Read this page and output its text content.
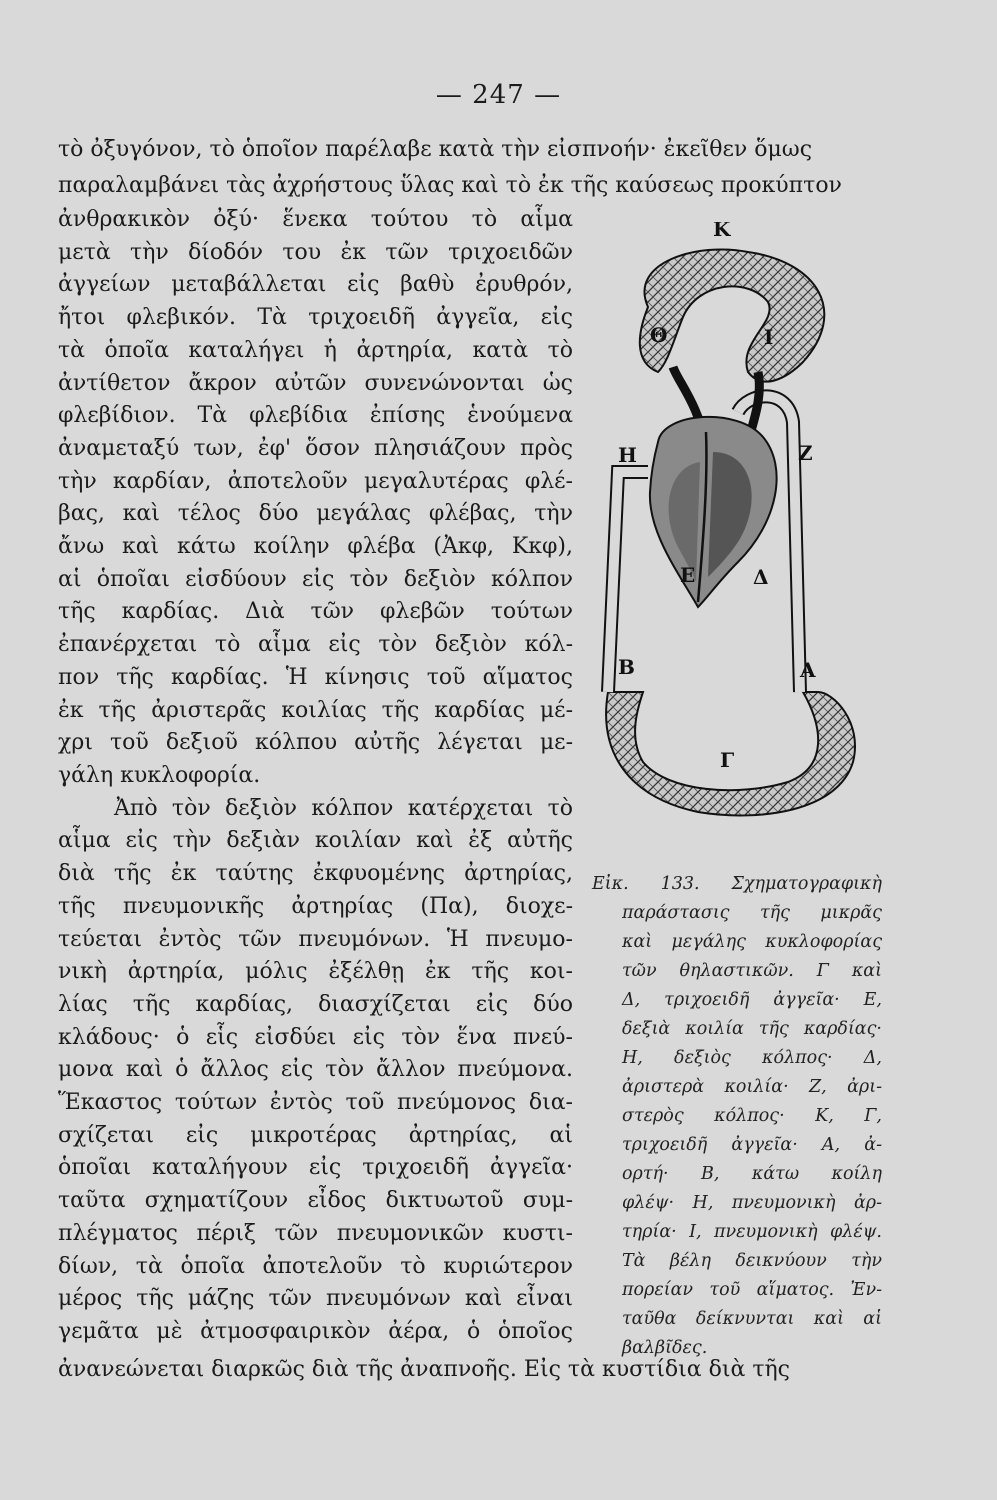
— 247 —
τὸ ὀξυγόνον, τὸ ὁποῖον παρέλαβε κατὰ τὴν εἰσπνοήν· ἐκεῖθεν ὅμως
παραλαμβάνει τὰς ἀχρήστους ὕλας καὶ τὸ ἐκ τῆς καύσεως προκύπτον
ἀνθρακικὸν ὀξύ· ἕνεκα τούτου τὸ αἷμα
μετὰ τὴν δίοδόν του ἐκ τῶν τριχοειδῶν
ἀγγείων μεταβάλλεται εἰς βαθὺ ἐρυθρόν,
ἤτοι φλεβικόν. Τὰ τριχοειδῆ ἀγγεῖα, εἰς
τὰ ὁποῖα καταλήγει ἡ ἀρτηρία, κατὰ τὸ
ἀντίθετον ἄκρον αὐτῶν συνενώνονται ὡς
φλεβίδιον. Τὰ φλεβίδια ἐπίσης ἑνούμενα
ἀναμεταξύ των, ἐφ' ὅσον πλησιάζουν πρὸς
τὴν καρδίαν, ἀποτελοῦν μεγαλυτέρας φλέ-
βας, καὶ τέλος δύο μεγάλας φλέβας, τὴν
ἄνω καὶ κάτω κοίλην φλέβα (Ἀκφ, Κκφ),
αἱ ὁποῖαι εἰσδύουν εἰς τὸν δεξιὸν κόλπον
τῆς καρδίας. Διὰ τῶν φλεβῶν τούτων
ἐπανέρχεται τὸ αἷμα εἰς τὸν δεξιὸν κόλ-
πον τῆς καρδίας. Ἡ κίνησις τοῦ αἵματος
ἐκ τῆς ἀριστερᾶς κοιλίας τῆς καρδίας μέ-
χρι τοῦ δεξιοῦ κόλπου αὐτῆς λέγεται με-
γάλη κυκλοφορία.
Ἀπὸ τὸν δεξιὸν κόλπον κατέρχεται τὸ
αἷμα εἰς τὴν δεξιὰν κοιλίαν καὶ ἐξ αὐτῆς
διὰ τῆς ἐκ ταύτης ἐκφυομένης ἀρτηρίας,
τῆς πνευμονικῆς ἀρτηρίας (Πα), διοχε-
τεύεται ἐντὸς τῶν πνευμόνων. Ἡ πνευμο-
νικὴ ἀρτηρία, μόλις ἐξέλθῃ ἐκ τῆς κοι-
λίας τῆς καρδίας, διασχίζεται εἰς δύο
κλάδους· ὁ εἷς εἰσδύει εἰς τὸν ἕνα πνεύ-
μονα καὶ ὁ ἄλλος εἰς τὸν ἄλλον πνεύμονα.
Ἕκαστος τούτων ἐντὸς τοῦ πνεύμονος δια-
σχίζεται εἰς μικροτέρας ἀρτηρίας, αἱ
ὁποῖαι καταλήγουν εἰς τριχοειδῆ ἀγγεῖα·
ταῦτα σχηματίζουν εἶδος δικτυωτοῦ συμ-
πλέγματος πέριξ τῶν πνευμονικῶν κυστι-
δίων, τὰ ὁποῖα ἀποτελοῦν τὸ κυριώτερον
μέρος τῆς μάζης τῶν πνευμόνων καὶ εἶναι
γεμᾶτα μὲ ἀτμοσφαιρικὸν ἀέρα, ὁ ὁποῖος
ἀνανεώνεται διαρκῶς διὰ τῆς ἀναπνοῆς. Εἰς τὰ κυστίδια διὰ τῆς
Κ
Θ	Ι
Η	Ζ
Ε	Δ
Β	Α
Γ
Εἰκ. 133. Σχηματογραφικὴ
παράστασις τῆς μικρᾶς
καὶ μεγάλης κυκλοφορίας
τῶν θηλαστικῶν. Γ καὶ
Δ, τριχοειδῆ ἀγγεῖα· Ε,
δεξιὰ κοιλία τῆς καρδίας·
Η, δεξιὸς κόλπος· Δ,
ἀριστερὰ κοιλία· Ζ, ἀρι-
στερὸς κόλπος· Κ, Γ,
τριχοειδῆ ἀγγεῖα· Α, ἀ-
ορτή· Β, κάτω κοίλη
φλέψ· Η, πνευμονικὴ ἀρ-
τηρία· Ι, πνευμονικὴ φλέψ.
Τὰ βέλη δεικνύουν τὴν
πορείαν τοῦ αἵματος. Ἐν-
ταῦθα δείκνυνται καὶ αἱ
βαλβῖδες.
